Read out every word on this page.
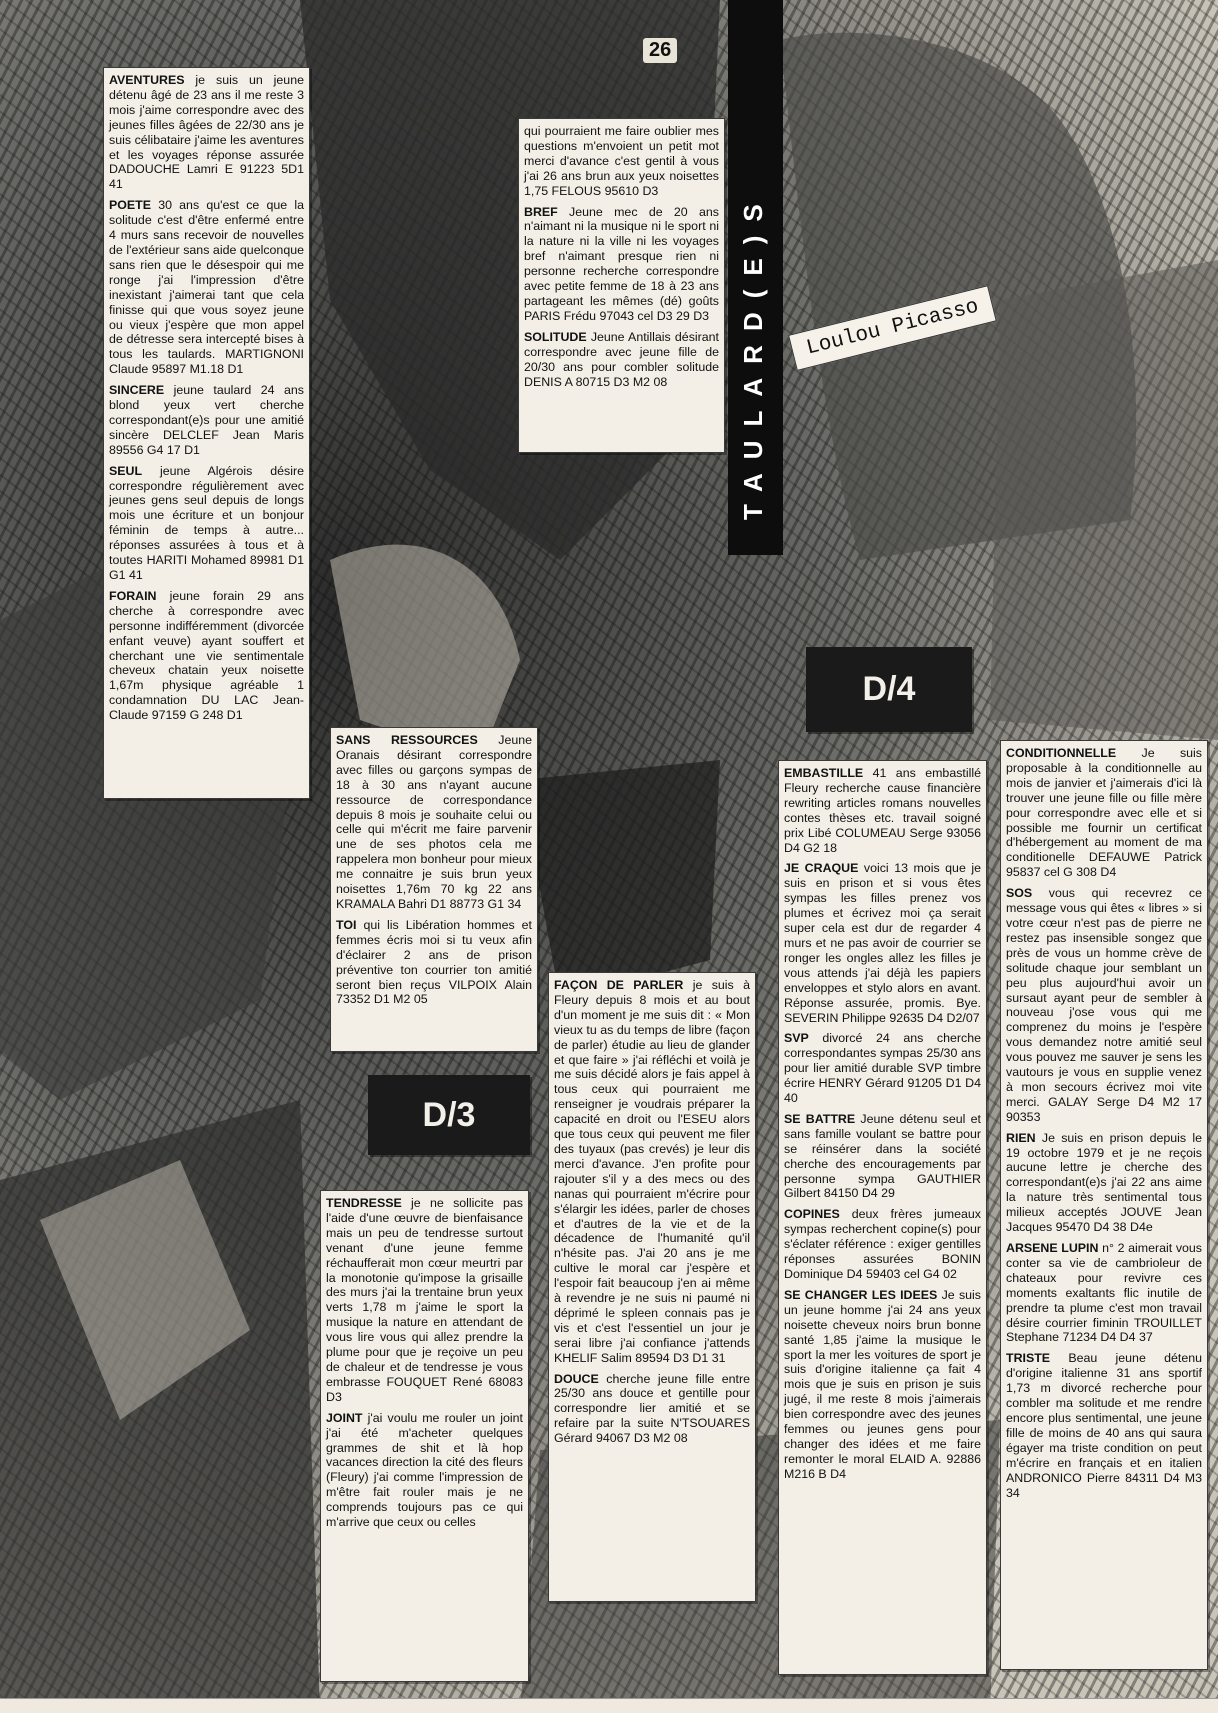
26
TAULARD(E)S	Loulou Picasso
D/4
D/3
AVENTURES je suis un jeune détenu âgé de 23 ans il me reste 3 mois j'aime correspondre avec des jeunes filles âgées de 22/30 ans je suis célibataire j'aime les aventures et les voyages réponse assurée DADOUCHE Lamri E 91223 5D1 41
POETE 30 ans qu'est ce que la solitude c'est d'être enfermé entre 4 murs sans recevoir de nouvelles de l'extérieur sans aide quelconque sans rien que le désespoir qui me ronge j'ai l'impression d'être inexistant j'aimerai tant que cela finisse qui que vous soyez jeune ou vieux j'espère que mon appel de détresse sera intercepté bises à tous les taulards. MARTIGNONI Claude 95897 M1.18 D1
SINCERE jeune taulard 24 ans blond yeux vert cherche correspondant(e)s pour une amitié sincère DELCLEF Jean Maris 89556 G4 17 D1
SEUL jeune Algérois désire correspondre régulièrement avec jeunes gens seul depuis de longs mois une écriture et un bonjour féminin de temps à autre... réponses assurées à tous et à toutes HARITI Mohamed 89981 D1 G1 41
FORAIN jeune forain 29 ans cherche à correspondre avec personne indifféremment (divorcée enfant veuve) ayant souffert et cherchant une vie sentimentale cheveux chatain yeux noisette 1,67m physique agréable 1 condamnation DU LAC Jean-Claude 97159 G 248 D1
qui pourraient me faire oublier mes questions m'envoient un petit mot merci d'avance c'est gentil à vous j'ai 26 ans brun aux yeux noisettes 1,75 FELOUS 95610 D3
BREF Jeune mec de 20 ans n'aimant ni la musique ni le sport ni la nature ni la ville ni les voyages bref n'aimant presque rien ni personne recherche correspondre avec petite femme de 18 à 23 ans partageant les mêmes (dé) goûts PARIS Frédu 97043 cel D3 29 D3
SOLITUDE Jeune Antillais désirant correspondre avec jeune fille de 20/30 ans pour combler solitude DENIS A 80715 D3 M2 08
SANS RESSOURCES Jeune Oranais désirant correspondre avec filles ou garçons sympas de 18 à 30 ans n'ayant aucune ressource de correspondance depuis 8 mois je souhaite celui ou celle qui m'écrit me faire parvenir une de ses photos cela me rappelera mon bonheur pour mieux me connaitre je suis brun yeux noisettes 1,76m 70 kg 22 ans KRAMALA Bahri D1 88773 G1 34
TOI qui lis Libération hommes et femmes écris moi si tu veux afin d'éclairer 2 ans de prison préventive ton courrier ton amitié seront bien reçus VILPOIX Alain 73352 D1 M2 05
TENDRESSE je ne sollicite pas l'aide d'une œuvre de bienfaisance mais un peu de tendresse surtout venant d'une jeune femme réchaufferait mon cœur meurtri par la monotonie qu'impose la grisaille des murs j'ai la trentaine brun yeux verts 1,78 m j'aime le sport la musique la nature en attendant de vous lire vous qui allez prendre la plume pour que je reçoive un peu de chaleur et de tendresse je vous embrasse FOUQUET René 68083 D3
JOINT j'ai voulu me rouler un joint j'ai été m'acheter quelques grammes de shit et là hop vacances direction la cité des fleurs (Fleury) j'ai comme l'impression de m'être fait rouler mais je ne comprends toujours pas ce qui m'arrive que ceux ou celles
FAÇON DE PARLER je suis à Fleury depuis 8 mois et au bout d'un moment je me suis dit : « Mon vieux tu as du temps de libre (façon de parler) étudie au lieu de glander et que faire » j'ai réfléchi et voilà je me suis décidé alors je fais appel à tous ceux qui pourraient me renseigner je voudrais préparer la capacité en droit ou l'ESEU alors que tous ceux qui peuvent me filer des tuyaux (pas crevés) je leur dis merci d'avance. J'en profite pour rajouter s'il y a des mecs ou des nanas qui pourraient m'écrire pour s'élargir les idées, parler de choses et d'autres de la vie et de la décadence de l'humanité qu'il n'hésite pas. J'ai 20 ans je me cultive le moral car j'espère et l'espoir fait beaucoup j'en ai même à revendre je ne suis ni paumé ni déprimé le spleen connais pas je vis et c'est l'essentiel un jour je serai libre j'ai confiance j'attends KHELIF Salim 89594 D3 D1 31
DOUCE cherche jeune fille entre 25/30 ans douce et gentille pour correspondre lier amitié et se refaire par la suite N'TSOUARES Gérard 94067 D3 M2 08
EMBASTILLE 41 ans embastillé Fleury recherche cause financière rewriting articles romans nouvelles contes thèses etc. travail soigné prix Libé COLUMEAU Serge 93056 D4 G2 18
JE CRAQUE voici 13 mois que je suis en prison et si vous êtes sympas les filles prenez vos plumes et écrivez moi ça serait super cela est dur de regarder 4 murs et ne pas avoir de courrier se ronger les ongles allez les filles je vous attends j'ai déjà les papiers enveloppes et stylo alors en avant. Réponse assurée, promis. Bye. SEVERIN Philippe 92635 D4 D2/07
SVP divorcé 24 ans cherche correspondantes sympas 25/30 ans pour lier amitié durable SVP timbre écrire HENRY Gérard 91205 D1 D4 40
SE BATTRE Jeune détenu seul et sans famille voulant se battre pour se réinsérer dans la société cherche des encouragements par personne sympa GAUTHIER Gilbert 84150 D4 29
COPINES deux frères jumeaux sympas recherchent copine(s) pour s'éclater référence : exiger gentilles réponses assurées BONIN Dominique D4 59403 cel G4 02
SE CHANGER LES IDEES Je suis un jeune homme j'ai 24 ans yeux noisette cheveux noirs brun bonne santé 1,85 j'aime la musique le sport la mer les voitures de sport je suis d'origine italienne ça fait 4 mois que je suis en prison je suis jugé, il me reste 8 mois j'aimerais bien correspondre avec des jeunes femmes ou jeunes gens pour changer des idées et me faire remonter le moral ELAID A. 92886 M216 B D4
CONDITIONNELLE Je suis proposable à la conditionnelle au mois de janvier et j'aimerais d'ici là trouver une jeune fille ou fille mère pour correspondre avec elle et si possible me fournir un certificat d'hébergement au moment de ma conditionelle DEFAUWE Patrick 95837 cel G 308 D4
SOS vous qui recevrez ce message vous qui êtes « libres » si votre cœur n'est pas de pierre ne restez pas insensible songez que près de vous un homme crève de solitude chaque jour semblant un peu plus aujourd'hui avoir un sursaut ayant peur de sembler à nouveau j'ose vous qui me comprenez du moins je l'espère vous demandez notre amitié seul vous pouvez me sauver je sens les vautours je vous en supplie venez à mon secours écrivez moi vite merci. GALAY Serge D4 M2 17 90353
RIEN Je suis en prison depuis le 19 octobre 1979 et je ne reçois aucune lettre je cherche des correspondant(e)s j'ai 22 ans aime la nature très sentimental tous milieux acceptés JOUVE Jean Jacques 95470 D4 38 D4e
ARSENE LUPIN n° 2 aimerait vous conter sa vie de cambrioleur de chateaux pour revivre ces moments exaltants flic inutile de prendre ta plume c'est mon travail désire courrier fiminin TROUILLET Stephane 71234 D4 D4 37
TRISTE Beau jeune détenu d'origine italienne 31 ans sportif 1,73 m divorcé recherche pour combler ma solitude et me rendre encore plus sentimental, une jeune fille de moins de 40 ans qui saura égayer ma triste condition on peut m'écrire en français et en italien ANDRONICO Pierre 84311 D4 M3 34
